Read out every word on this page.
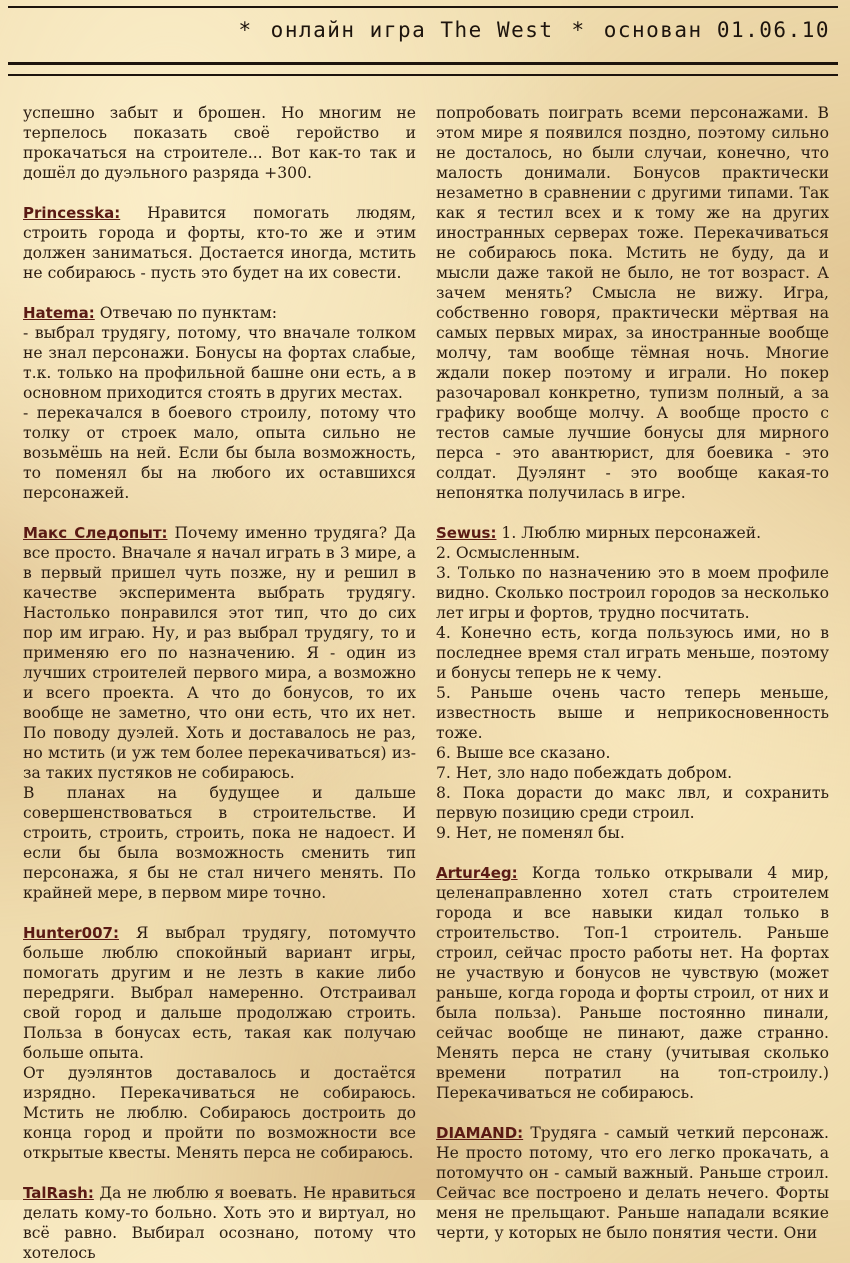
* онлайн игра The West * основан 01.06.10

успешно забыт и брошен. Но многим не терпелось показать своё геройство и прокачаться на строителе... Вот как-то так и дошёл до дуэльного разряда +300.

Princesska: Нравится помогать людям, строить города и форты, кто-то же и этим должен заниматься. Достается иногда, мстить не собираюсь - пусть это будет на их совести.

Hatema: Отвечаю по пунктам:

- выбрал трудягу, потому, что вначале толком не знал персонажи. Бонусы на фортах слабые, т.к. только на профильной башне они есть, а в основном приходится стоять в других местах.

- перекачался в боевого строилу, потому что толку от строек мало, опыта сильно не возьмёшь на ней. Если бы была возможность, то поменял бы на любого их оставшихся персонажей.

Макс Следопыт: Почему именно трудяга? Да все просто. Вначале я начал играть в 3 мире, а в первый пришел чуть позже, ну и решил в качестве эксперимента выбрать трудягу. Настолько понравился этот тип, что до сих пор им играю. Ну, и раз выбрал трудягу, то и применяю его по назначению. Я - один из лучших строителей первого мира, а возможно и всего проекта. А что до бонусов, то их вообще не заметно, что они есть, что их нет. По поводу дуэлей. Хоть и доставалось не раз, но мстить (и уж тем более перекачиваться) из-за таких пустяков не собираюсь.

В планах на будущее и дальше совершенствоваться в строительстве. И строить, строить, строить, пока не надоест. И если бы была возможность сменить тип персонажа, я бы не стал ничего менять. По крайней мере, в первом мире точно.

Hunter007: Я выбрал трудягу, потомучто больше люблю спокойный вариант игры, помогать другим и не лезть в какие либо передряги. Выбрал намеренно. Отстраивал свой город и дальше продолжаю строить. Польза в бонусах есть, такая как получаю больше опыта.

От дуэлянтов доставалось и достаётся изрядно. Перекачиваться не собираюсь. Мстить не люблю. Собираюсь достроить до конца город и пройти по возможности все открытые квесты. Менять перса не собираюсь.

TalRash: Да не люблю я воевать. Не нравиться делать кому-то больно. Хоть это и виртуал, но всё равно. Выбирал осознано, потому что хотелось

попробовать поиграть всеми персонажами. В этом мире я появился поздно, поэтому сильно не досталось, но были случаи, конечно, что малость донимали. Бонусов практически незаметно в сравнении с другими типами. Так как я тестил всех и к тому же на других иностранных серверах тоже. Перекачиваться не собираюсь пока. Мстить не буду, да и мысли даже такой не было, не тот возраст. А зачем менять? Смысла не вижу. Игра, собственно говоря, практически мёртвая на самых первых мирах, за иностранные вообще молчу, там вообще тёмная ночь. Многие ждали покер поэтому и играли. Но покер разочаровал конкретно, тупизм полный, а за графику вообще молчу. А вообще просто с тестов самые лучшие бонусы для мирного перса - это авантюрист, для боевика - это солдат. Дуэлянт - это вообще какая-то непонятка получилась в игре.

Sewus: 1. Люблю мирных персонажей.

2. Осмысленным.

3. Только по назначению это в моем профиле видно. Сколько построил городов за несколько лет игры и фортов, трудно посчитать.

4. Конечно есть, когда пользуюсь ими, но в последнее время стал играть меньше, поэтому и бонусы теперь не к чему.

5. Раньше очень часто теперь меньше, известность выше и неприкосновенность тоже.

6. Выше все сказано.

7. Нет, зло надо побеждать добром.

8. Пока дорасти до макс лвл, и сохранить первую позицию среди строил.

9. Нет, не поменял бы.

Artur4eg: Когда только открывали 4 мир, целенаправленно хотел стать строителем города и все навыки кидал только в строительство. Топ-1 строитель. Раньше строил, сейчас просто работы нет. На фортах не участвую и бонусов не чувствую (может раньше, когда города и форты строил, от них и была польза). Раньше постоянно пинали, сейчас вообще не пинают, даже странно. Менять перса не стану (учитывая сколько времени потратил на топ-строилу.) Перекачиваться не собираюсь.

DIAMAND: Трудяга - самый четкий персонаж. Не просто потому, что его легко прокачать, а потомучто он - самый важный. Раньше строил. Сейчас все построено и делать нечего. Форты меня не прельщают. Раньше нападали всякие черти, у которых не было понятия чести. Они
